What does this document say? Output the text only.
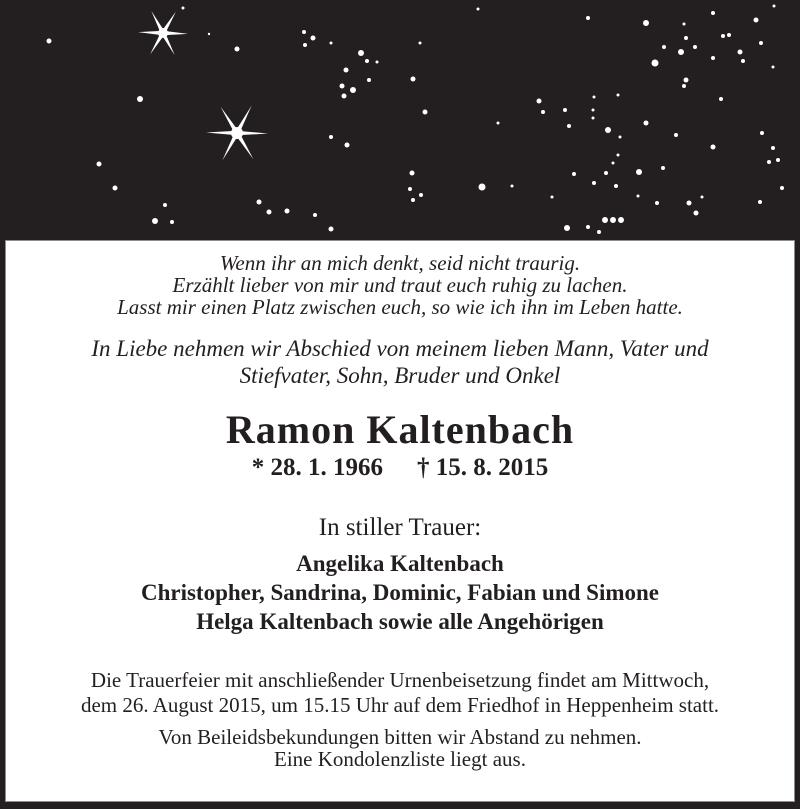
Wenn ihr an mich denkt, seid nicht traurig.
Erzählt lieber von mir und traut euch ruhig zu lachen.
Lasst mir einen Platz zwischen euch, so wie ich ihn im Leben hatte.
In Liebe nehmen wir Abschied von meinem lieben Mann, Vater und
Stiefvater, Sohn, Bruder und Onkel
Ramon Kaltenbach
* 28. 1. 1966 † 15. 8. 2015
In stiller Trauer:
Angelika Kaltenbach
Christopher, Sandrina, Dominic, Fabian und Simone
Helga Kaltenbach sowie alle Angehörigen
Die Trauerfeier mit anschließender Urnenbeisetzung findet am Mittwoch,
dem 26. August 2015, um 15.15 Uhr auf dem Friedhof in Heppenheim statt.
Von Beileidsbekundungen bitten wir Abstand zu nehmen.
Eine Kondolenzliste liegt aus.
